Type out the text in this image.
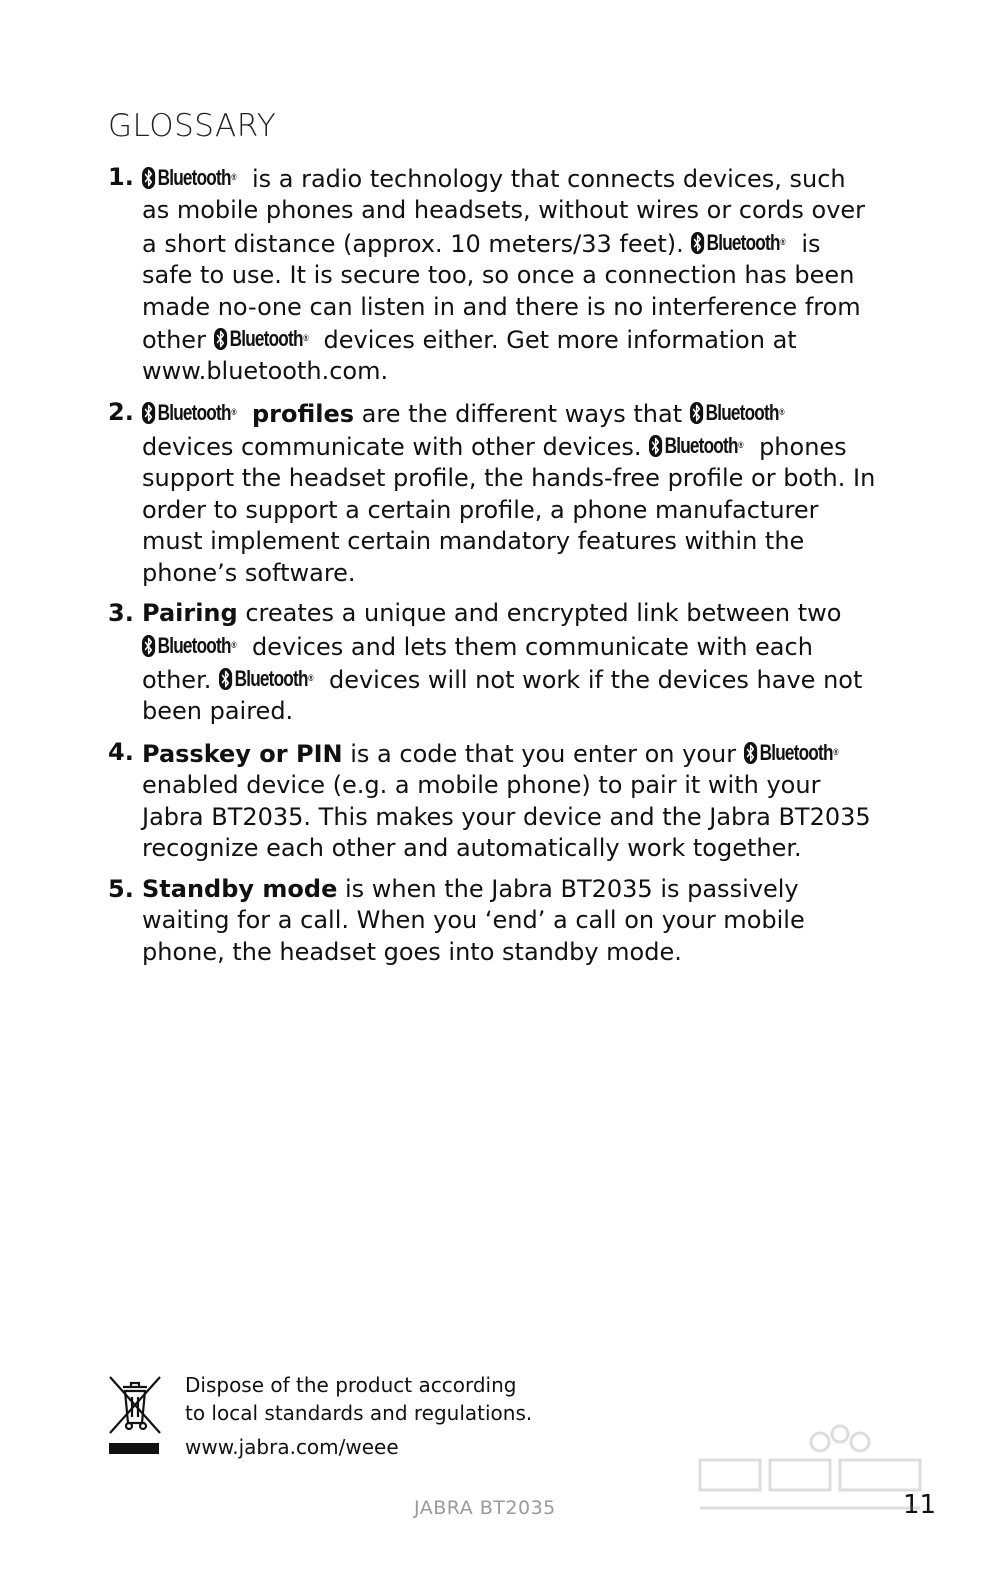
GLOSSARY
1.	Bluetooth ® is a radio technology that connects devices, such as mobile phones and headsets, without wires or cords over a short distance (approx. 10 meters/33 feet). Bluetooth ® is safe to use. It is secure too, so once a connection has been made no-one can listen in and there is no interference from other Bluetooth ® devices either. Get more information at www.bluetooth.com.
2.	Bluetooth ® profiles are the different ways that Bluetooth ®
devices communicate with other devices. Bluetooth ® phones support the headset profile, the hands-free profile or both. In order to support a certain profile, a phone manufacturer must implement certain mandatory features within the phone’s software.
3. Pairing creates a unique and encrypted link between two
Bluetooth ® devices and lets them communicate with each other. Bluetooth ® devices will not work if the devices have not been paired.
4. Passkey or PIN is a code that you enter on your Bluetooth ®
enabled device (e.g. a mobile phone) to pair it with your Jabra BT2035. This makes your device and the Jabra BT2035 recognize each other and automatically work together.
5. Standby mode is when the Jabra BT2035 is passively waiting for a call. When you ‘end’ a call on your mobile phone, the headset goes into standby mode.
Dispose of the product according
to local standards and regulations.
www.jabra.com/weee
JABRA BT2035	11
